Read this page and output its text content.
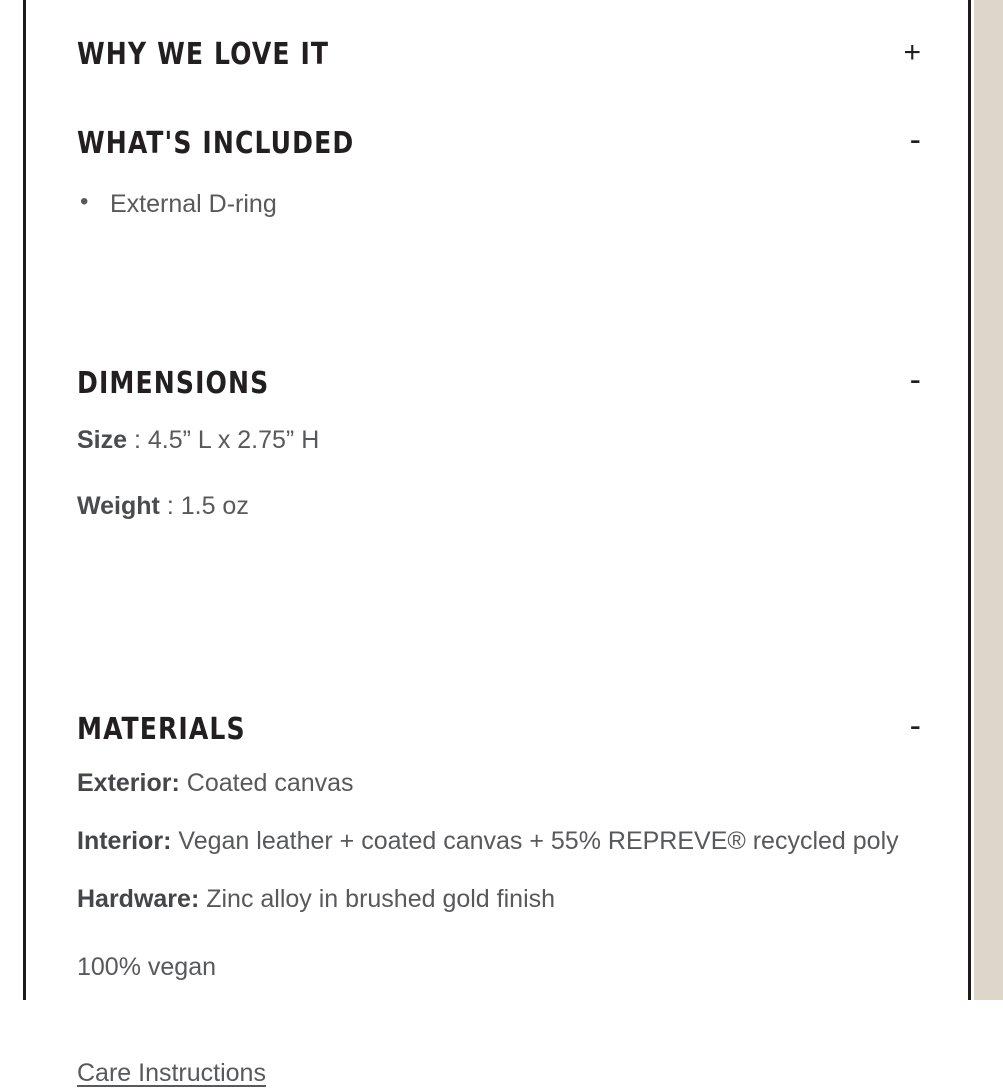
WHY WE LOVE IT	+
WHAT'S INCLUDED	-
• External D-ring
DIMENSIONS	-
Size : 4.5” L x 2.75” H
Weight : 1.5 oz
MATERIALS	-
Exterior: Coated canvas
Interior: Vegan leather + coated canvas + 55% REPREVE® recycled poly
Hardware: Zinc alloy in brushed gold finish
100% vegan
Care Instructions
